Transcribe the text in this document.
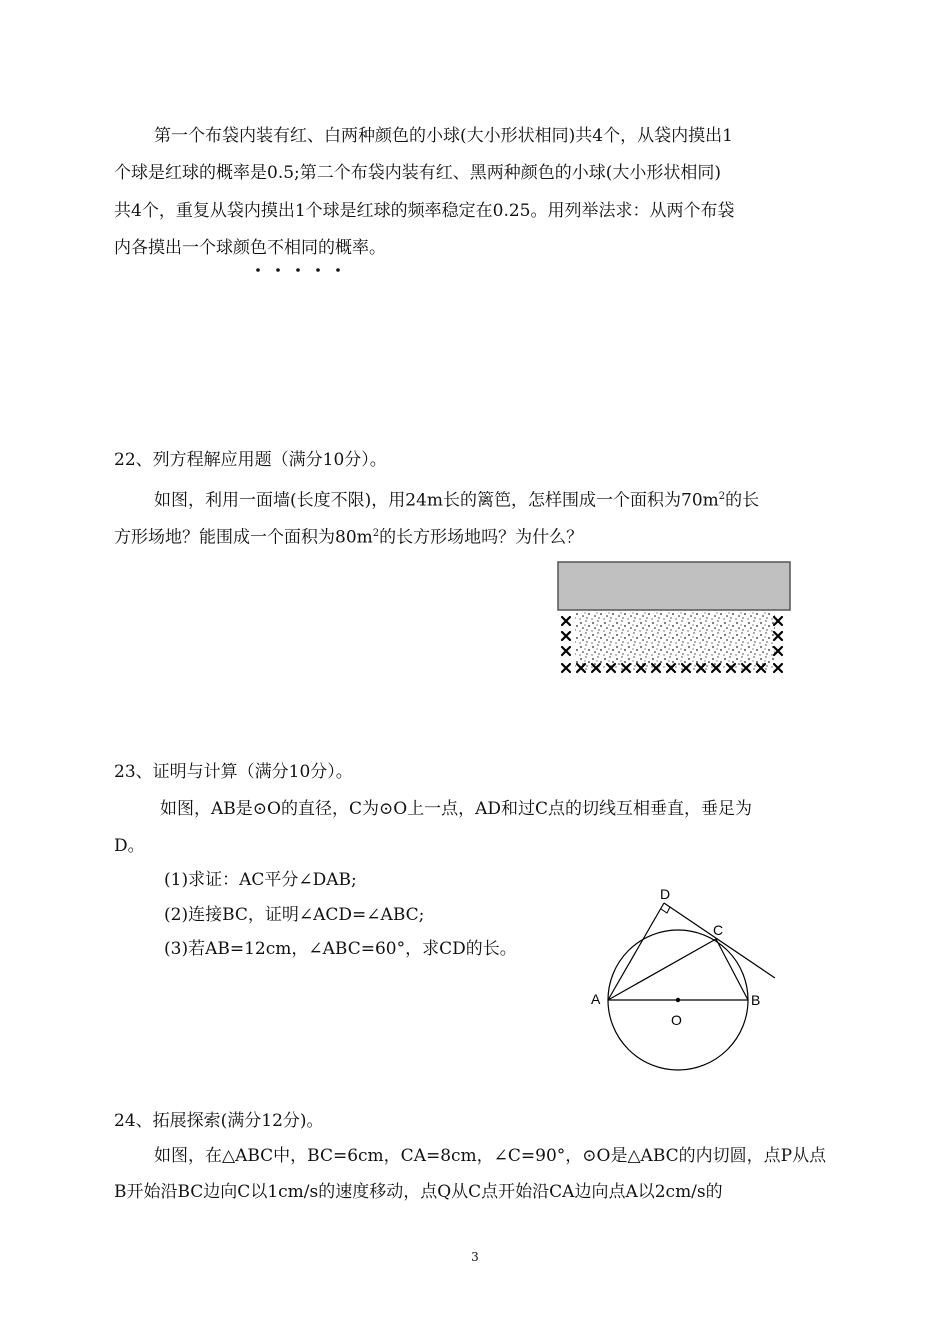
第一个布袋内装有红、白两种颜色的小球(大小形状相同)共4个，从袋内摸出1
个球是红球的概率是0.5;第二个布袋内装有红、黑两种颜色的小球(大小形状相同)
共4个，重复从袋内摸出1个球是红球的频率稳定在0.25。用列举法求：从两个布袋
内各摸出一个球颜色不相同的概率。
22、列方程解应用题（满分10分）。
如图，利用一面墙(长度不限)，用24m长的篱笆，怎样围成一个面积为$70m^2$的长
方形场地？能围成一个面积为$80m^2$的长方形场地吗？为什么？
23、证明与计算（满分10分）。
如图，AB是⊙O的直径，C为⊙O上一点，AD和过C点的切线互相垂直，垂足为
D。
(1)求证：AC平分∠DAB;
(2)连接BC，证明∠ACD=∠ABC;
(3)若AB=12cm，∠ABC=60°，求CD的长。
A	B
C
D
O
24、拓展探索(满分12分)。
如图，在△ABC中，BC=6cm，CA=8cm，∠C=90°，⊙O是△ABC的内切圆，点P从点
B开始沿BC边向C以1cm/s的速度移动，点Q从C点开始沿CA边向点A以2cm/s的
3
